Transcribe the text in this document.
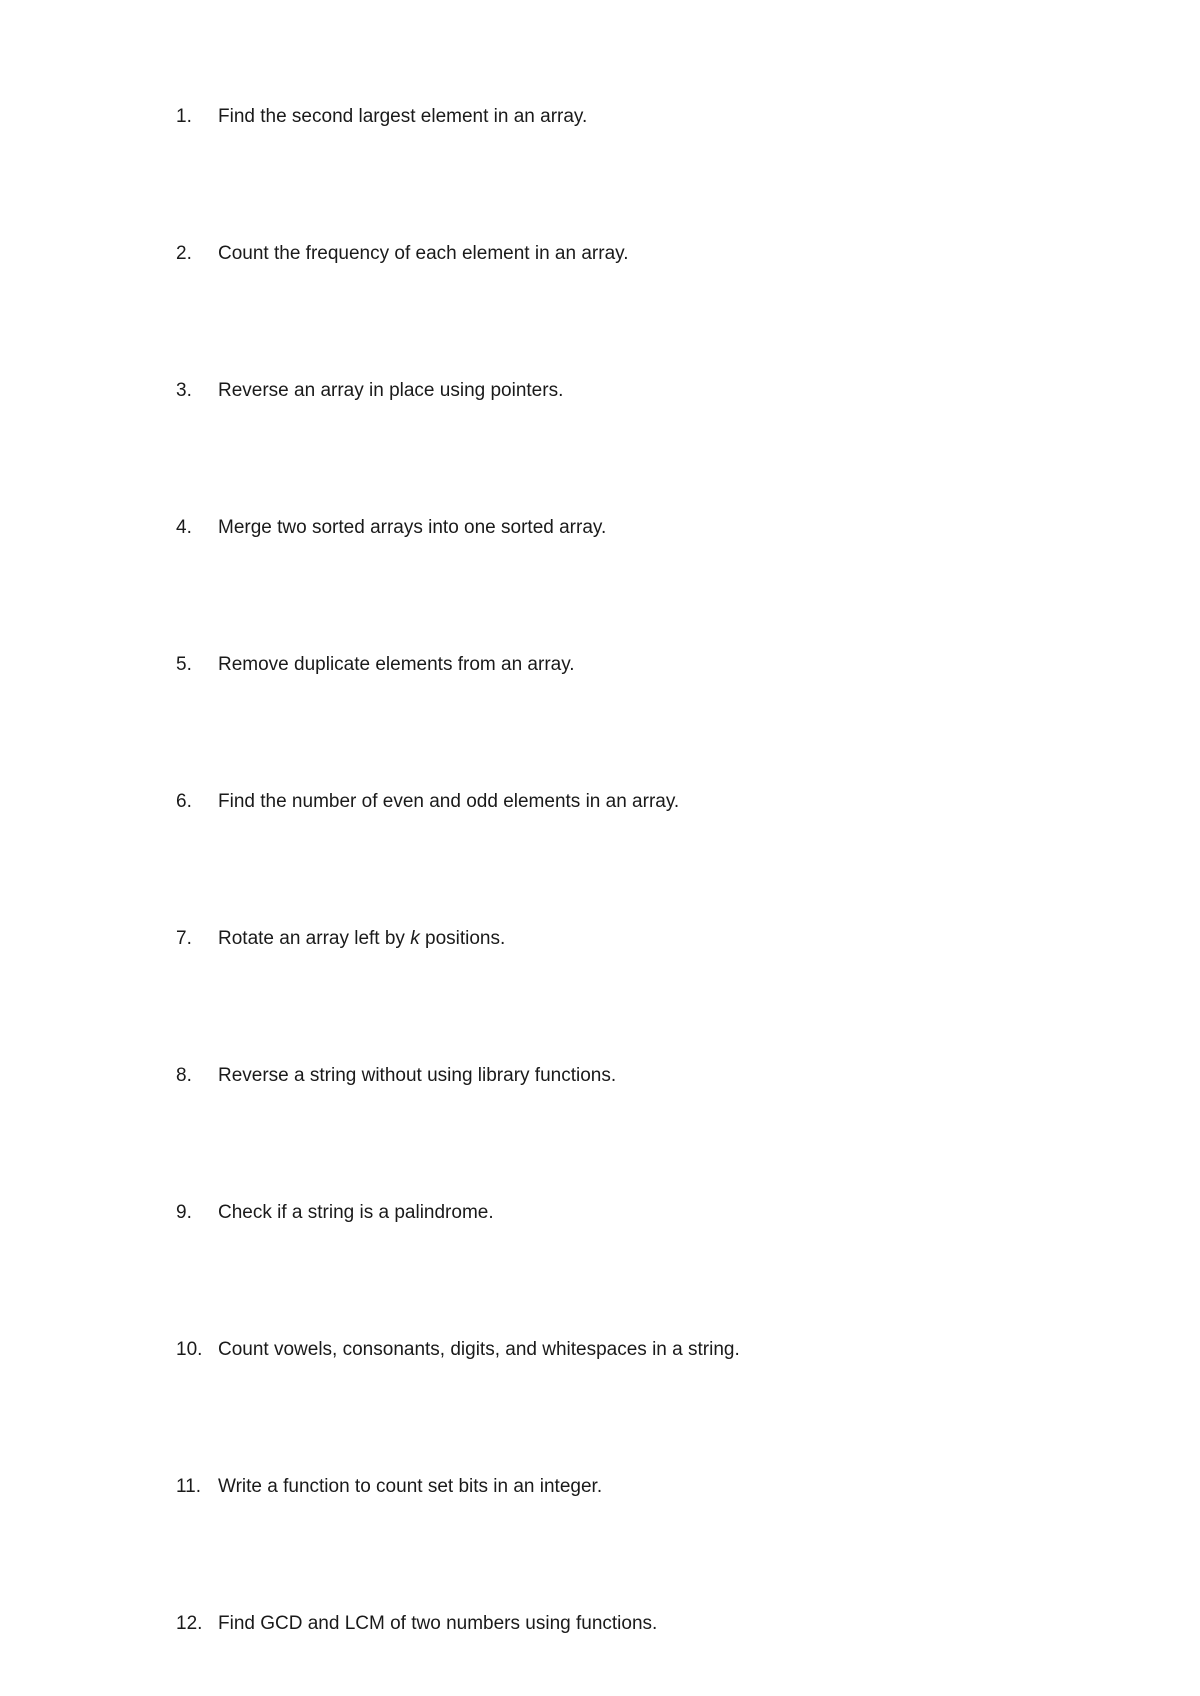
1. Find the second largest element in an array.
2. Count the frequency of each element in an array.
3. Reverse an array in place using pointers.
4. Merge two sorted arrays into one sorted array.
5. Remove duplicate elements from an array.
6. Find the number of even and odd elements in an array.
7. Rotate an array left by k positions.
8. Reverse a string without using library functions.
9. Check if a string is a palindrome.
10. Count vowels, consonants, digits, and whitespaces in a string.
11. Write a function to count set bits in an integer.
12. Find GCD and LCM of two numbers using functions.
